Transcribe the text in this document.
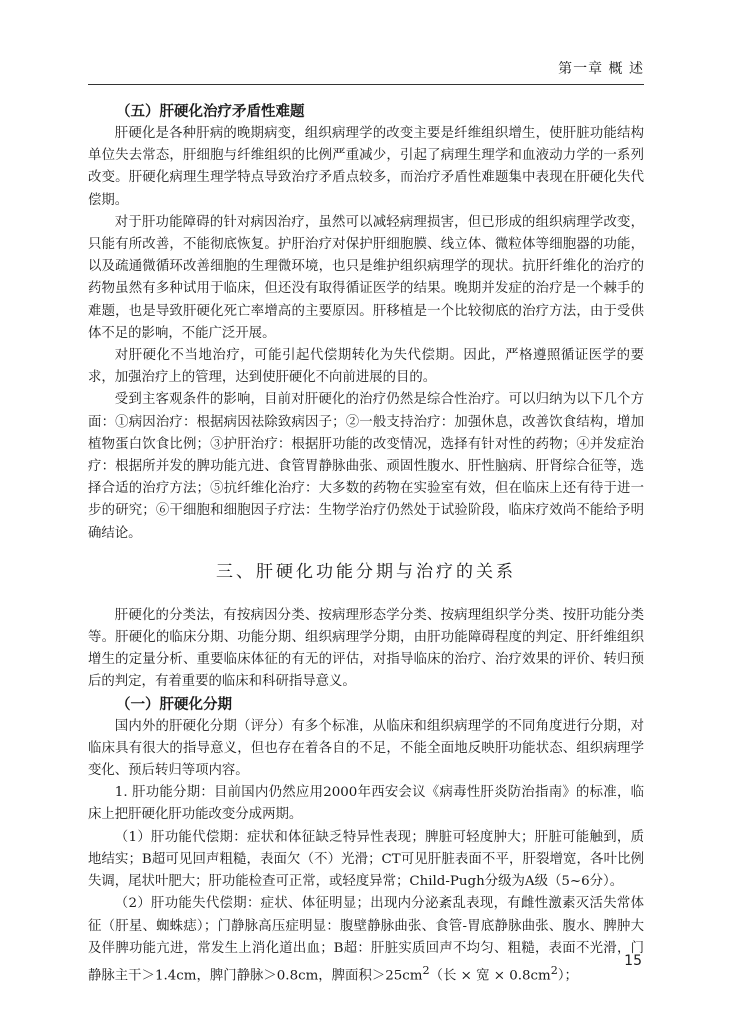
第一章 概 述
（五）肝硬化治疗矛盾性难题

肝硬化是各种肝病的晚期病变，组织病理学的改变主要是纤维组织增生，使肝脏功能结构单位失去常态，肝细胞与纤维组织的比例严重减少，引起了病理生理学和血液动力学的一系列改变。肝硬化病理生理学特点导致治疗矛盾点较多，而治疗矛盾性难题集中表现在肝硬化失代偿期。

对于肝功能障碍的针对病因治疗，虽然可以减轻病理损害，但已形成的组织病理学改变，只能有所改善，不能彻底恢复。护肝治疗对保护肝细胞膜、线立体、微粒体等细胞器的功能，以及疏通微循环改善细胞的生理微环境，也只是维护组织病理学的现状。抗肝纤维化的治疗的药物虽然有多种试用于临床，但还没有取得循证医学的结果。晚期并发症的治疗是一个棘手的难题，也是导致肝硬化死亡率增高的主要原因。肝移植是一个比较彻底的治疗方法，由于受供体不足的影响，不能广泛开展。

对肝硬化不当地治疗，可能引起代偿期转化为失代偿期。因此，严格遵照循证医学的要求，加强治疗上的管理，达到使肝硬化不向前进展的目的。

受到主客观条件的影响，目前对肝硬化的治疗仍然是综合性治疗。可以归纳为以下几个方面：①病因治疗：根据病因祛除致病因子；②一般支持治疗：加强休息，改善饮食结构，增加植物蛋白饮食比例；③护肝治疗：根据肝功能的改变情况，选择有针对性的药物；④并发症治疗：根据所并发的脾功能亢进、食管胃静脉曲张、顽固性腹水、肝性脑病、肝肾综合征等，选择合适的治疗方法；⑤抗纤维化治疗：大多数的药物在实验室有效，但在临床上还有待于进一步的研究；⑥干细胞和细胞因子疗法：生物学治疗仍然处于试验阶段，临床疗效尚不能给予明确结论。

三、肝硬化功能分期与治疗的关系

肝硬化的分类法，有按病因分类、按病理形态学分类、按病理组织学分类、按肝功能分类等。肝硬化的临床分期、功能分期、组织病理学分期，由肝功能障碍程度的判定、肝纤维组织增生的定量分析、重要临床体征的有无的评估，对指导临床的治疗、治疗效果的评价、转归预后的判定，有着重要的临床和科研指导意义。

（一）肝硬化分期

国内外的肝硬化分期（评分）有多个标准，从临床和组织病理学的不同角度进行分期，对临床具有很大的指导意义，但也存在着各自的不足，不能全面地反映肝功能状态、组织病理学变化、预后转归等项内容。

1. 肝功能分期：目前国内仍然应用2000年西安会议《病毒性肝炎防治指南》的标准，临床上把肝硬化肝功能改变分成两期。

（1）肝功能代偿期：症状和体征缺乏特异性表现；脾脏可轻度肿大；肝脏可能触到，质地结实；B超可见回声粗糙，表面欠（不）光滑；CT可见肝脏表面不平，肝裂增宽，各叶比例失调，尾状叶肥大；肝功能检查可正常，或轻度异常；Child-Pugh分级为A级（5~6分）。

（2）肝功能失代偿期：症状、体征明显；出现内分泌紊乱表现，有雌性激素灭活失常体征（肝星、蜘蛛痣）；门静脉高压症明显：腹壁静脉曲张、食管-胃底静脉曲张、腹水、脾肿大及伴脾功能亢进，常发生上消化道出血；B超：肝脏实质回声不均匀、粗糙，表面不光滑，门静脉主干＞1.4cm，脾门静脉＞0.8cm，脾面积$>25cm^2$（长 × 宽 × $0.8cm^2$）；

15
